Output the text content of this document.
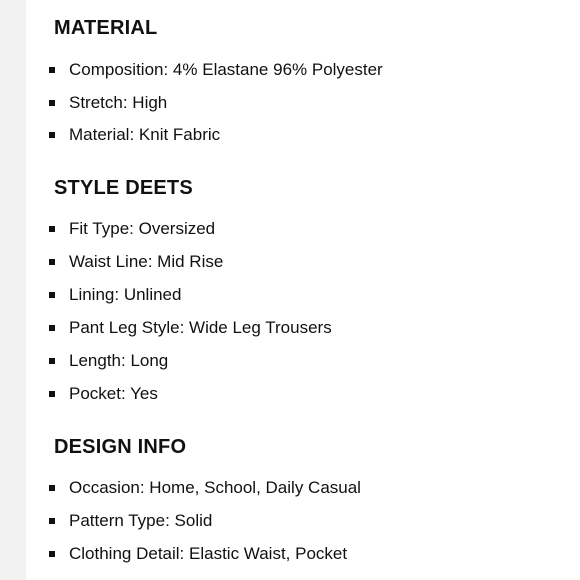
MATERIAL
Composition: 4% Elastane 96% Polyester
Stretch: High
Material: Knit Fabric
STYLE DEETS
Fit Type: Oversized
Waist Line: Mid Rise
Lining: Unlined
Pant Leg Style: Wide Leg Trousers
Length: Long
Pocket: Yes
DESIGN INFO
Occasion: Home, School, Daily Casual
Pattern Type: Solid
Clothing Detail: Elastic Waist, Pocket
